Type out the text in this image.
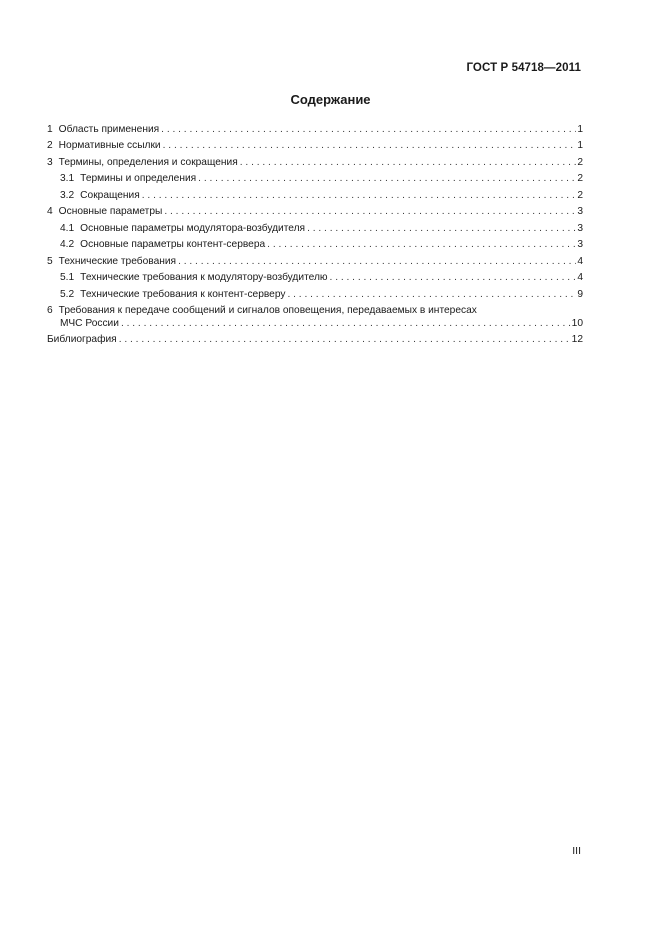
ГОСТ Р 54718—2011
Содержание
1 Область применения . . .	1
2 Нормативные ссылки . . .	1
3 Термины, определения и сокращения . . .	2
3.1 Термины и определения . . .	2
3.2 Сокращения . . .	2
4 Основные параметры . . .	3
4.1 Основные параметры модулятора-возбудителя . . .	3
4.2 Основные параметры контент-сервера . . .	3
5 Технические требования . . .	4
5.1 Технические требования к модулятору-возбудителю . . .	4
5.2 Технические требования к контент-серверу . . .	9
6 Требования к передаче сообщений и сигналов оповещения, передаваемых в интересах
МЧС России . . .	10
Библиография . . .	12
III
